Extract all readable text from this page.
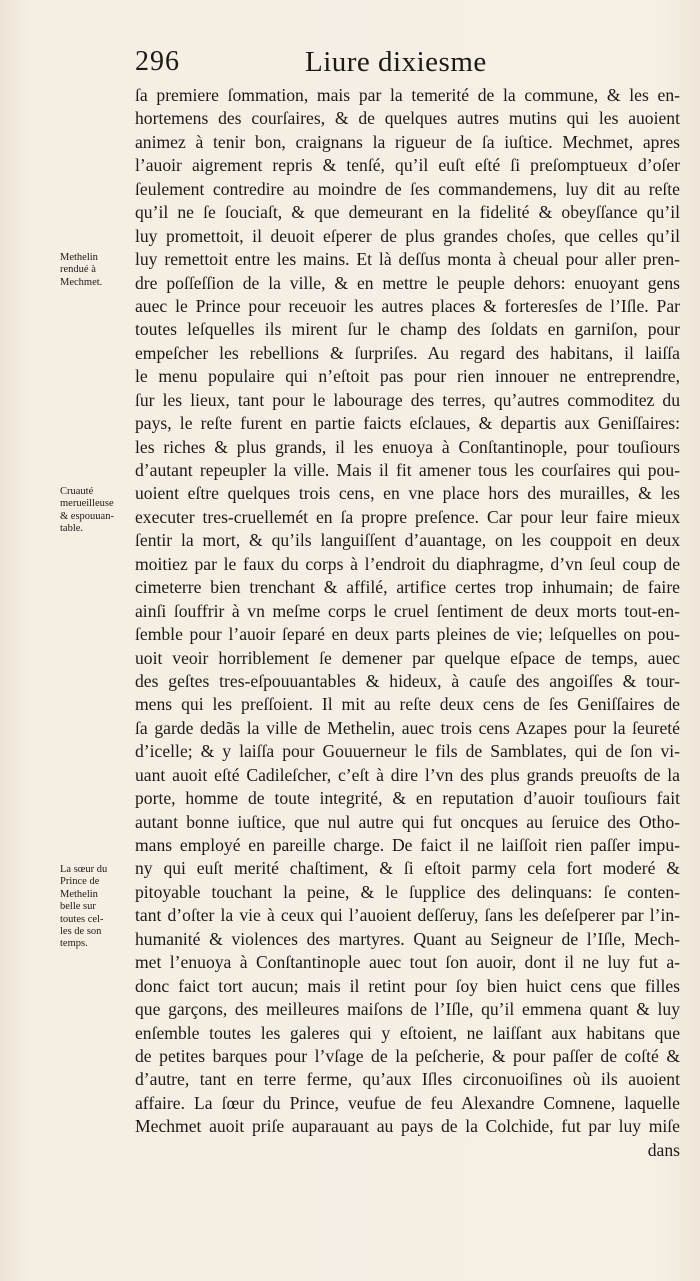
296	Liure dixiesme
Methelin
rendué à
Mechmet.
Cruauté
merueilleuse
& espouuan-
table.
La sœur du
Prince de
Methelin
belle sur
toutes cel-
les de son
temps.
ſa premiere ſommation, mais par la temerité de la commune, & les en-
hortemens des courſaires, & de quelques autres mutins qui les auoient
animez à tenir bon, craignans la rigueur de ſa iuſtice. Mechmet, apres
l’auoir aigrement repris & tenſé, qu’il euſt eſté ſi preſomptueux d’oſer
ſeulement contredire au moindre de ſes commandemens, luy dit au reſte
qu’il ne ſe ſouciaſt, & que demeurant en la fidelité & obeyſſance qu’il
luy promettoit, il deuoit eſperer de plus grandes choſes, que celles qu’il
luy remettoit entre les mains. Et là deſſus monta à cheual pour aller pren-
dre poſſeſſion de la ville, & en mettre le peuple dehors: enuoyant gens
auec le Prince pour receuoir les autres places & forteresſes de l’Iſle. Par
toutes leſquelles ils mirent ſur le champ des ſoldats en garniſon, pour
empeſcher les rebellions & ſurpriſes. Au regard des habitans, il laiſſa
le menu populaire qui n’eſtoit pas pour rien innouer ne entreprendre,
ſur les lieux, tant pour le labourage des terres, qu’autres commoditez du
pays, le reſte furent en partie faicts eſclaues, & departis aux Geniſſaires:
les riches & plus grands, il les enuoya à Conſtantinople, pour touſiours
d’autant repeupler la ville. Mais il fit amener tous les courſaires qui pou-
uoient eſtre quelques trois cens, en vne place hors des murailles, & les
executer tres-cruellemét en ſa propre preſence. Car pour leur faire mieux
ſentir la mort, & qu’ils languiſſent d’auantage, on les couppoit en deux
moitiez par le faux du corps à l’endroit du diaphragme, d’vn ſeul coup de
cimeterre bien trenchant & affilé, artifice certes trop inhumain; de faire
ainſi ſouffrir à vn meſme corps le cruel ſentiment de deux morts tout-en-
ſemble pour l’auoir ſeparé en deux parts pleines de vie; leſquelles on pou-
uoit veoir horriblement ſe demener par quelque eſpace de temps, auec
des geſtes tres-eſpouuantables & hideux, à cauſe des angoiſſes & tour-
mens qui les preſſoient. Il mit au reſte deux cens de ſes Geniſſaires de
ſa garde dedãs la ville de Methelin, auec trois cens Azapes pour la ſeureté
d’icelle; & y laiſſa pour Gouuerneur le fils de Samblates, qui de ſon vi-
uant auoit eſté Cadileſcher, c’eſt à dire l’vn des plus grands preuoſts de la
porte, homme de toute integrité, & en reputation d’auoir touſiours fait
autant bonne iuſtice, que nul autre qui fut oncques au ſeruice des Otho-
mans employé en pareille charge. De faict il ne laiſſoit rien paſſer impu-
ny qui euſt merité chaſtiment, & ſi eſtoit parmy cela fort moderé &
pitoyable touchant la peine, & le ſupplice des delinquans: ſe conten-
tant d’oſter la vie à ceux qui l’auoient deſſeruy, ſans les deſeſperer par l’in-
humanité & violences des martyres. Quant au Seigneur de l’Iſle, Mech-
met l’enuoya à Conſtantinople auec tout ſon auoir, dont il ne luy fut a-
donc faict tort aucun; mais il retint pour ſoy bien huict cens que filles
que garçons, des meilleures maiſons de l’Iſle, qu’il emmena quant & luy
enſemble toutes les galeres qui y eſtoient, ne laiſſant aux habitans que
de petites barques pour l’vſage de la peſcherie, & pour paſſer de coſté &
d’autre, tant en terre ferme, qu’aux Iſles circonuoiſines où ils auoient
affaire. La ſœur du Prince, veufue de feu Alexandre Comnene, laquelle
Mechmet auoit priſe auparauant au pays de la Colchide, fut par luy miſe
dans
